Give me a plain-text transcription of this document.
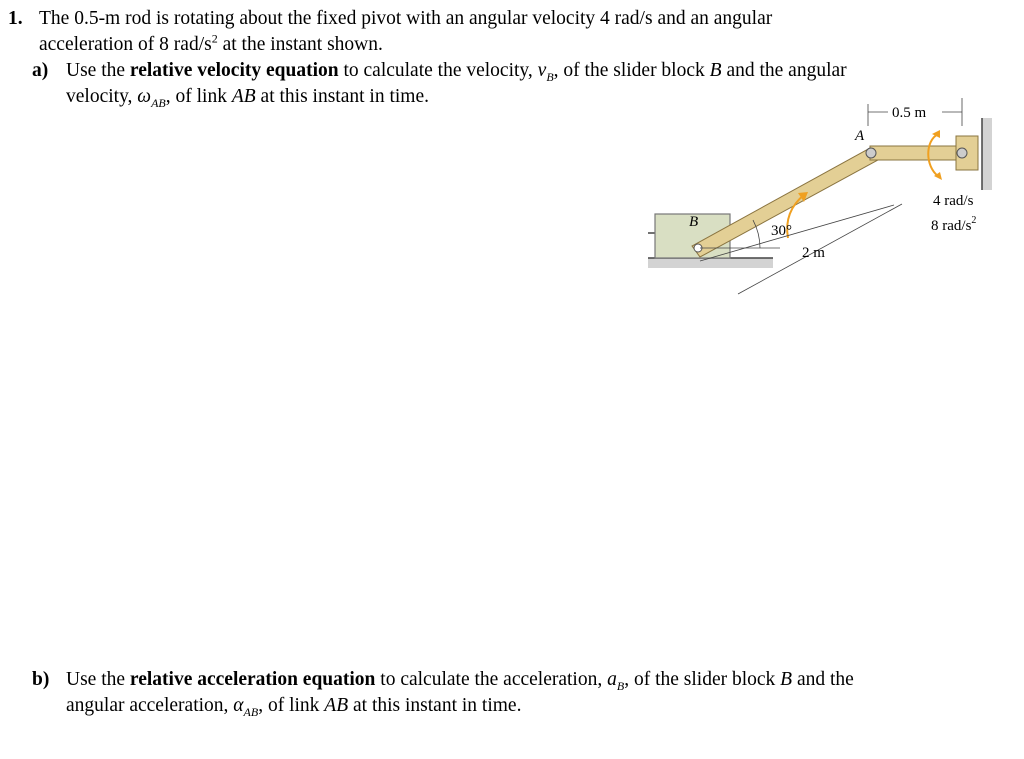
1. The 0.5-m rod is rotating about the fixed pivot with an angular velocity 4 rad/s and an angular
acceleration of 8 rad/$s^2$ at the instant shown.
a) Use the relative velocity equation to calculate the velocity, $v_B$, of the slider block B and the angular
velocity, $\omega_{AB}$, of link AB at this instant in time.
0.5 m
A
B
30°
2 m
4 rad/s
8 rad/$s^2$
b) Use the relative acceleration equation to calculate the acceleration, $a_B$, of the slider block B and the
angular acceleration, $\alpha_{AB}$, of link AB at this instant in time.
